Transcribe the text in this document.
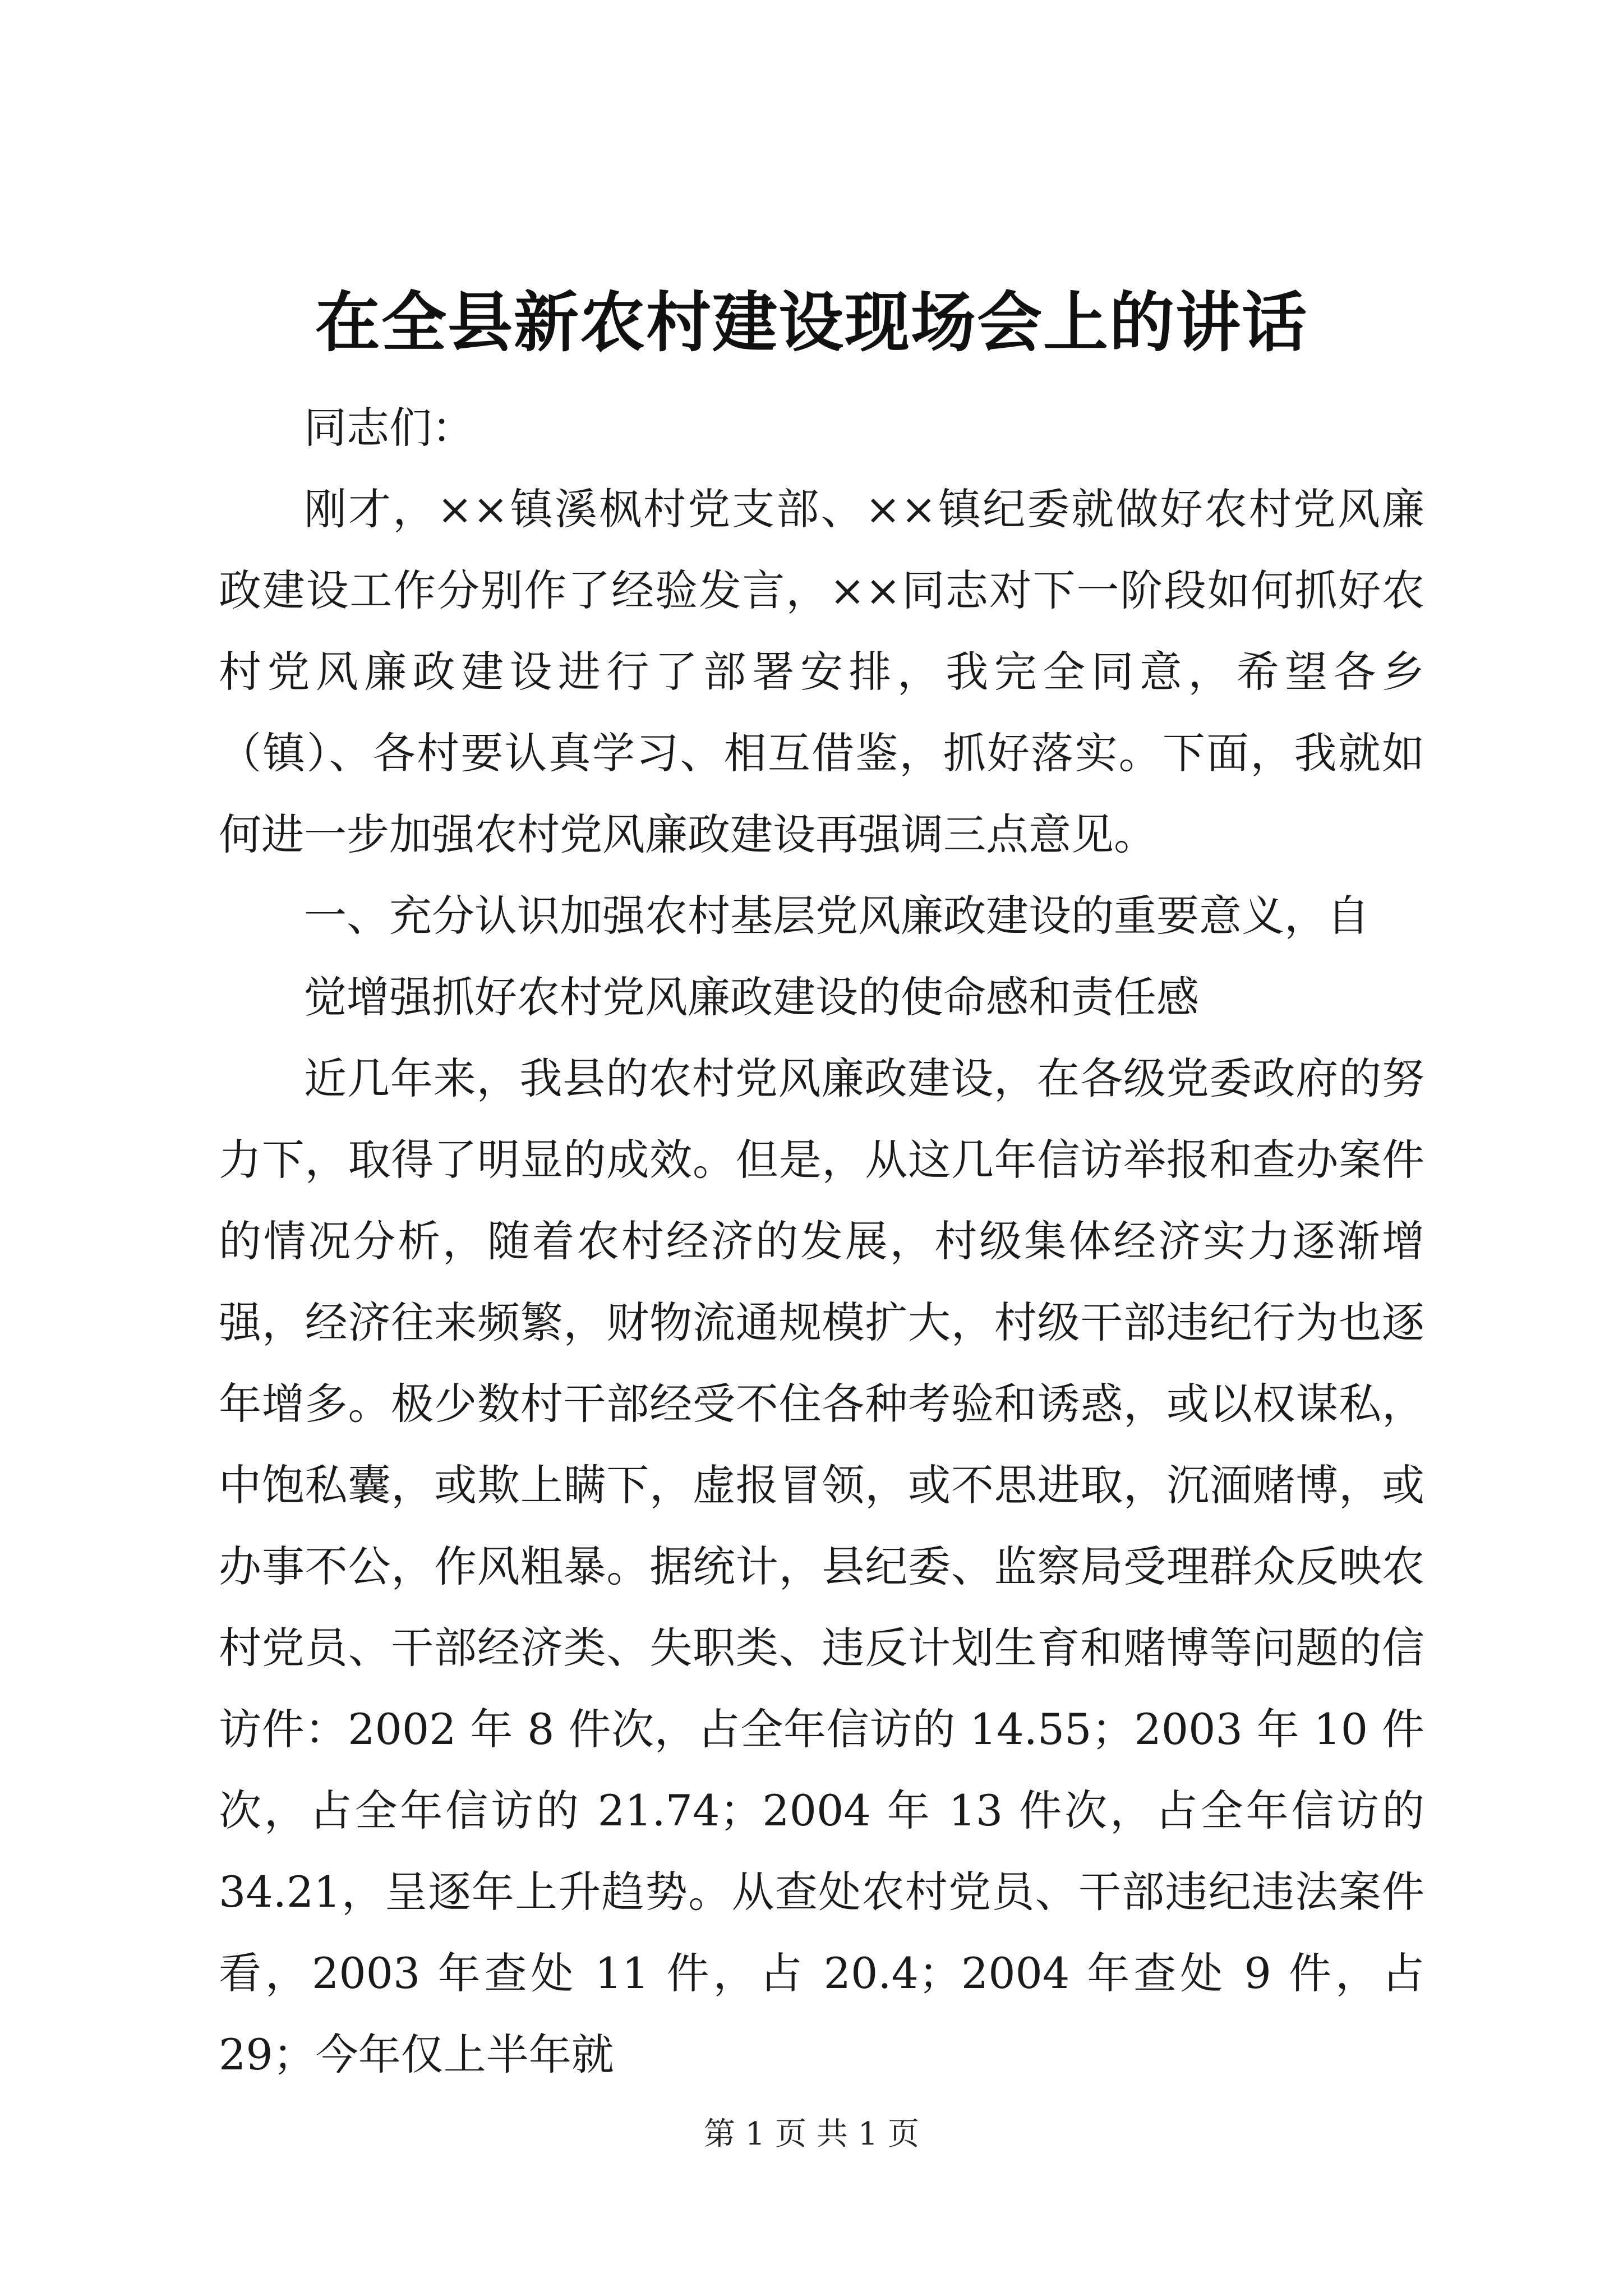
在全县新农村建设现场会上的讲话

同志们：

刚才，××镇溪枫村党支部、××镇纪委就做好农村党风廉政建设工作分别作了经验发言，××同志对下一阶段如何抓好农村党风廉政建设进行了部署安排，我完全同意，希望各乡（镇）、各村要认真学习、相互借鉴，抓好落实。下面，我就如何进一步加强农村党风廉政建设再强调三点意见。

一、充分认识加强农村基层党风廉政建设的重要意义，自

觉增强抓好农村党风廉政建设的使命感和责任感

近几年来，我县的农村党风廉政建设，在各级党委政府的努力下，取得了明显的成效。但是，从这几年信访举报和查办案件的情况分析，随着农村经济的发展，村级集体经济实力逐渐增强，经济往来频繁，财物流通规模扩大，村级干部违纪行为也逐年增多。极少数村干部经受不住各种考验和诱惑，或以权谋私，中饱私囊，或欺上瞒下，虚报冒领，或不思进取，沉湎赌博，或办事不公，作风粗暴。据统计，县纪委、监察局受理群众反映农村党员、干部经济类、失职类、违反计划生育和赌博等问题的信访件：2002 年 8 件次，占全年信访的 14.55；2003 年 10 件次，占全年信访的 21.74；2004 年 13 件次，占全年信访的 34.21，呈逐年上升趋势。从查处农村党员、干部违纪违法案件看，2003 年查处 11 件，占 20.4；2004 年查处 9 件，占 29；今年仅上半年就

第 1 页 共 1 页
